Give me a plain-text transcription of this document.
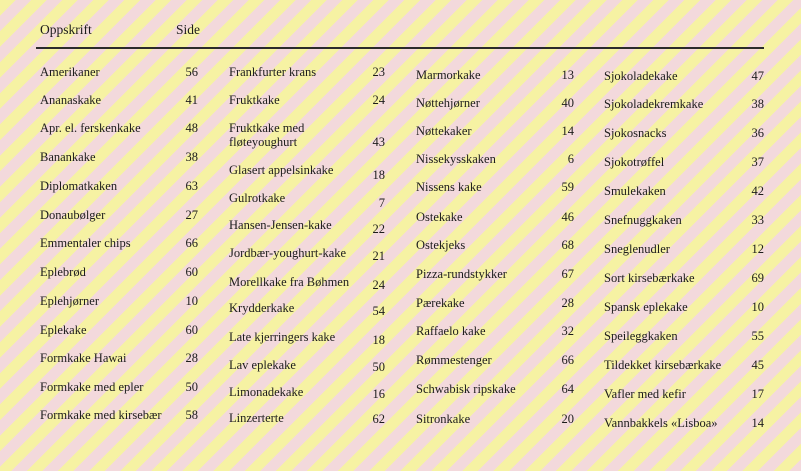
Oppskrift	Side
Amerikaner	56
Ananaskake	41
Apr. el. ferskenkake	48
Banankake	38
Diplomatkaken	63
Donaubølger	27
Emmentaler chips	66
Eplebrød	60
Eplehjørner	10
Eplekake	60
Formkake Hawai	28
Formkake med epler	50
Formkake med kirsebær 58
Frankfurter krans	23
Fruktkake	24
Fruktkake med
fløteyoughurt	43
Glasert appelsinkake	18
Gulrotkake	7
Hansen-Jensen-kake	22
Jordbær-youghurt-kake 21
Morellkake fra Bøhmen 24
Krydderkake	54
Late kjerringers kake	18
Lav eplekake	50
Limonadekake	16
Linzerterte	62
Marmorkake	13
Nøttehjørner	40
Nøttekaker	14
Nissekysskaken	6
Nissens kake	59
Ostekake	46
Ostekjeks	68
Pizza-rundstykker	67
Pærekake	28
Raffaelo kake	32
Rømmestenger	66
Schwabisk ripskake	64
Sitronkake	20
Sjokoladekake	47
Sjokoladekremkake	38
Sjokosnacks	36
Sjokotrøffel	37
Smulekaken	42
Snefnuggkaken	33
Sneglenudler	12
Sort kirsebærkake	69
Spansk eplekake	10
Speileggkaken	55
Tildekket kirsebærkake 45
Vafler med kefir	17
Vannbakkels «Lisboa»	14
